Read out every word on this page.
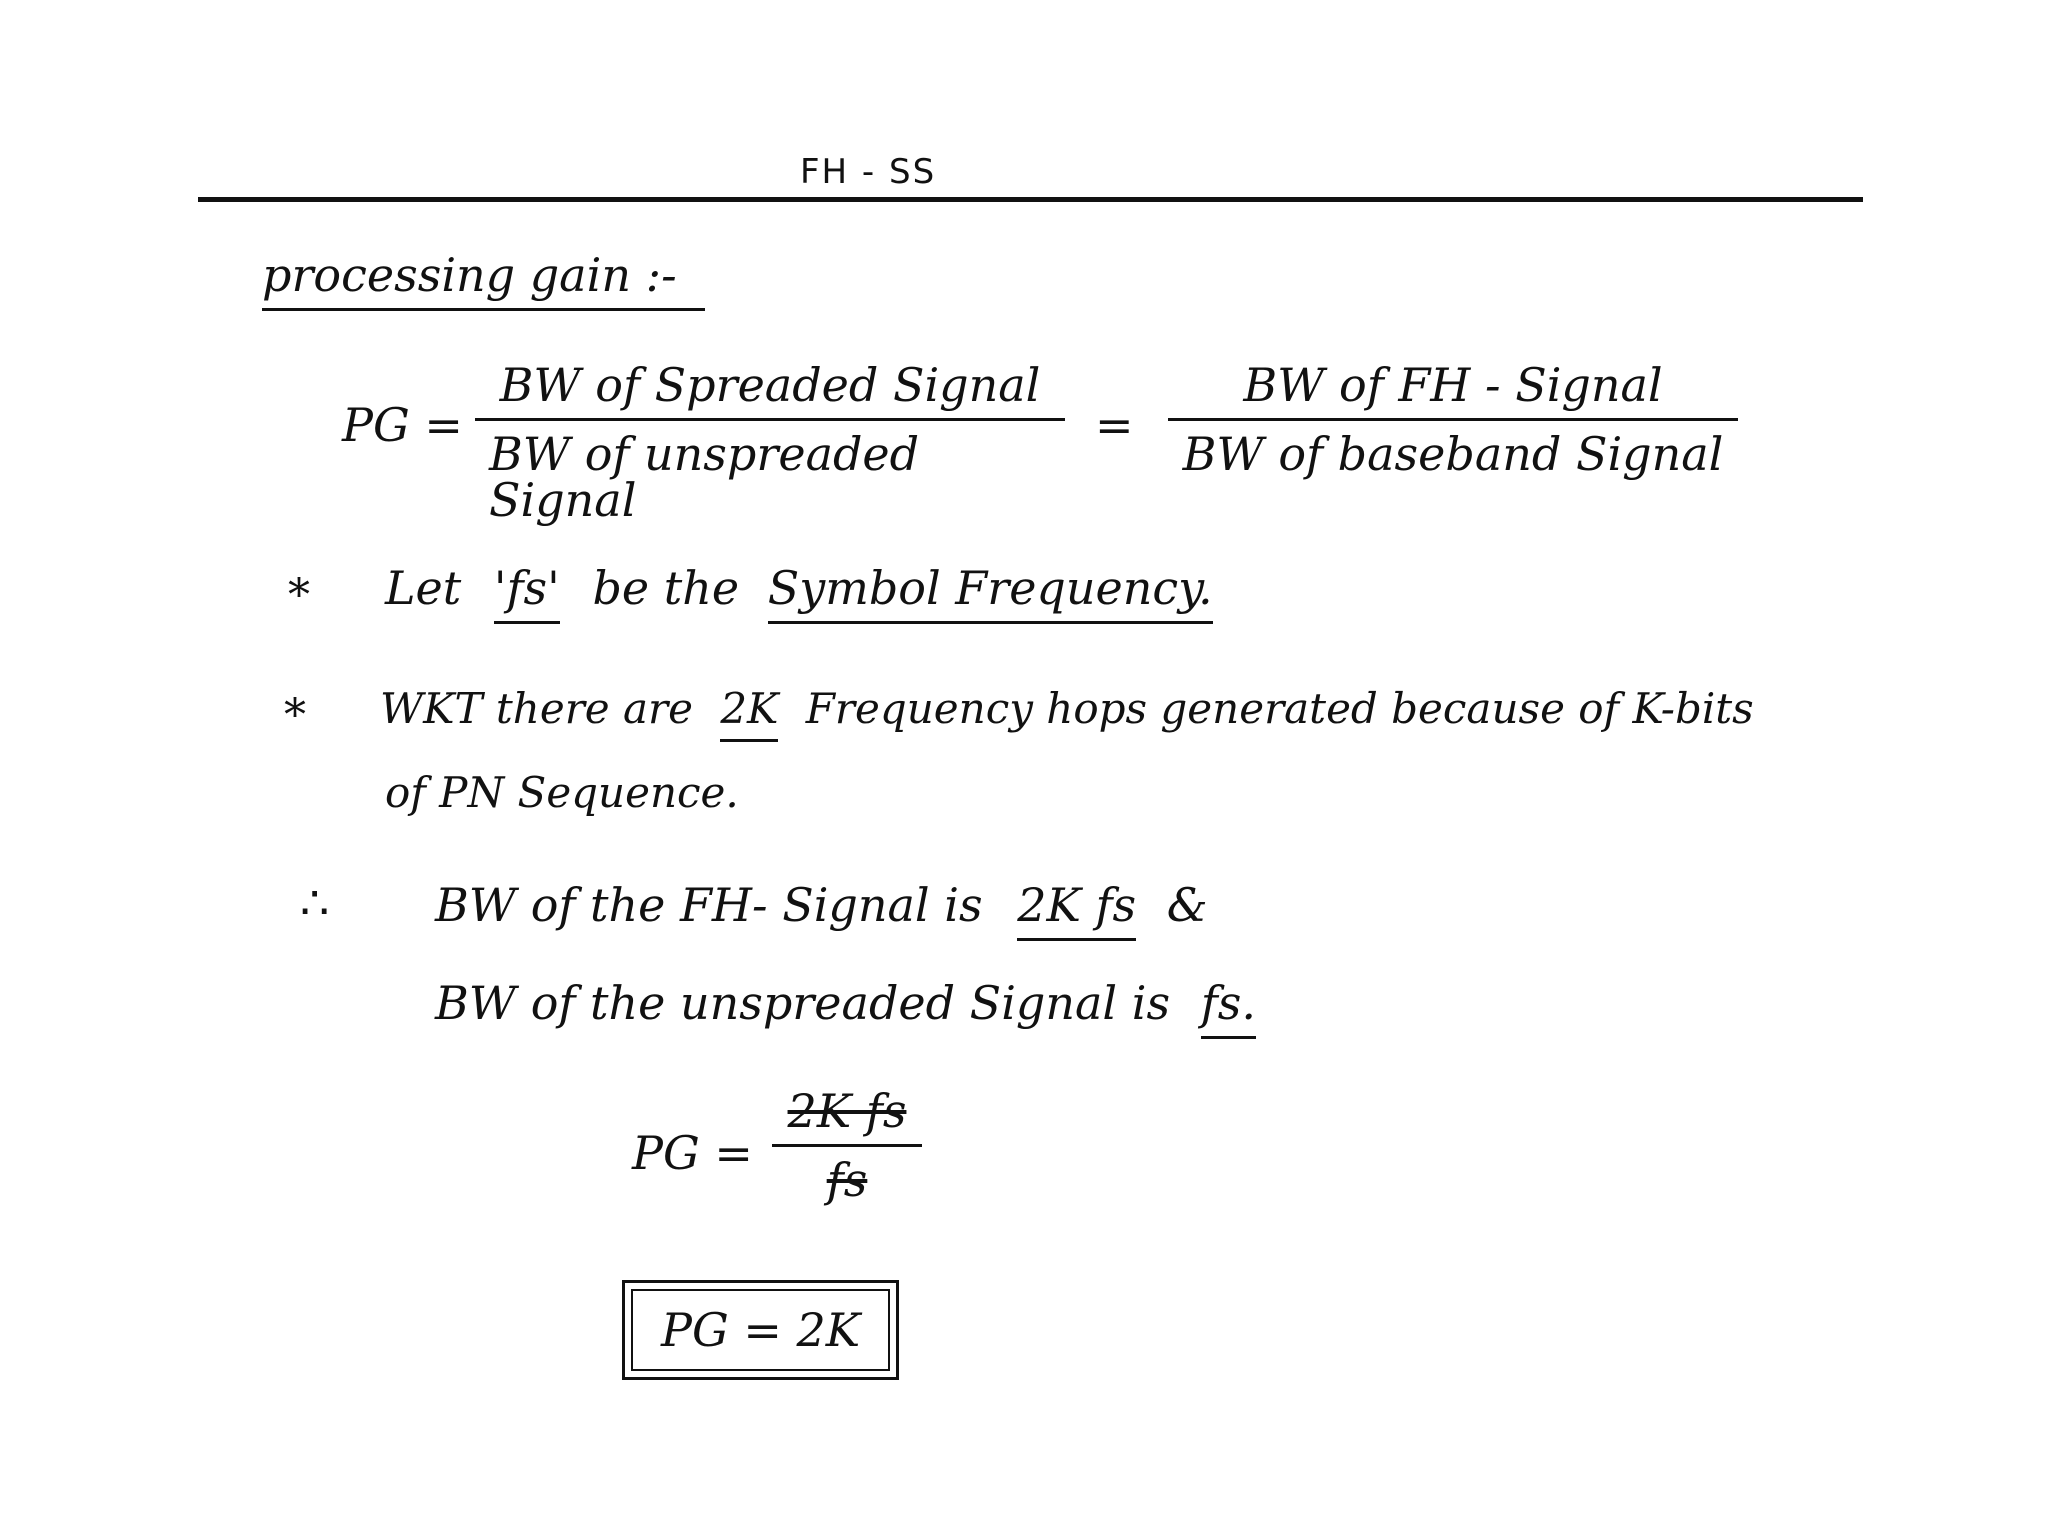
FH - SS
processing gain :-
PG =
BW of Spreaded Signal
BW of unspreaded Signal
=
BW of FH - Signal
BW of baseband Signal
* Let 'fs' be the Symbol Frequency.
* WKT there are 2K Frequency hops generated because of K-bits
of PN Sequence.
∴ BW of the FH- Signal is 2K fs &
BW of the unspreaded Signal is fs.
PG =
2K fs
fs
PG = 2K
